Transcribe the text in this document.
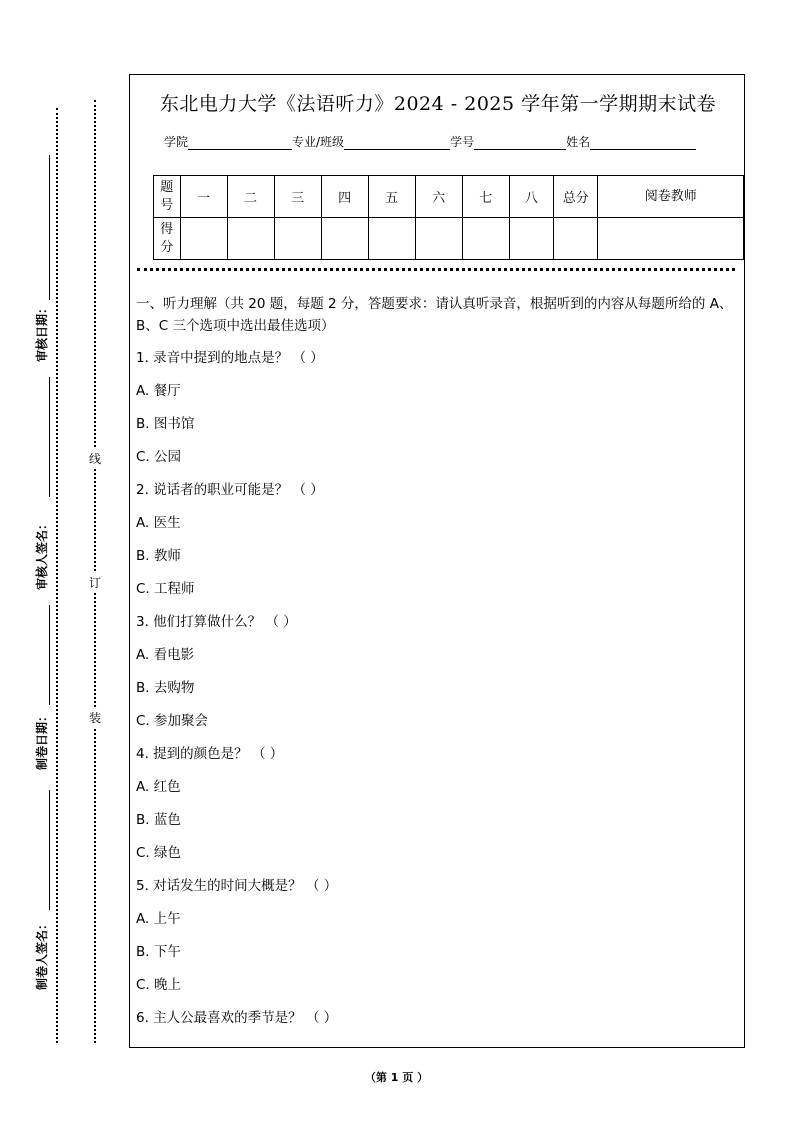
审核日期：
审核人签名：
制卷日期：
制卷人签名：
线
订
装
东北电力大学《法语听力》2024 - 2025 学年第一学期期末试卷
学院	专业/班级	学号	姓名
题号	一	二	三	四	五	六	七	八	总分	阅卷教师
得分										
一、听力理解（共 20 题，每题 2 分，答题要求：请认真听录音，根据听到的内容从每题所给的 A、B、C 三个选项中选出最佳选项）
1. 录音中提到的地点是？ （ ）
A. 餐厅
B. 图书馆
C. 公园
2. 说话者的职业可能是？ （ ）
A. 医生
B. 教师
C. 工程师
3. 他们打算做什么？ （ ）
A. 看电影
B. 去购物
C. 参加聚会
4. 提到的颜色是？ （ ）
A. 红色
B. 蓝色
C. 绿色
5. 对话发生的时间大概是？ （ ）
A. 上午
B. 下午
C. 晚上
6. 主人公最喜欢的季节是？ （ ）
（第 1 页 ）
